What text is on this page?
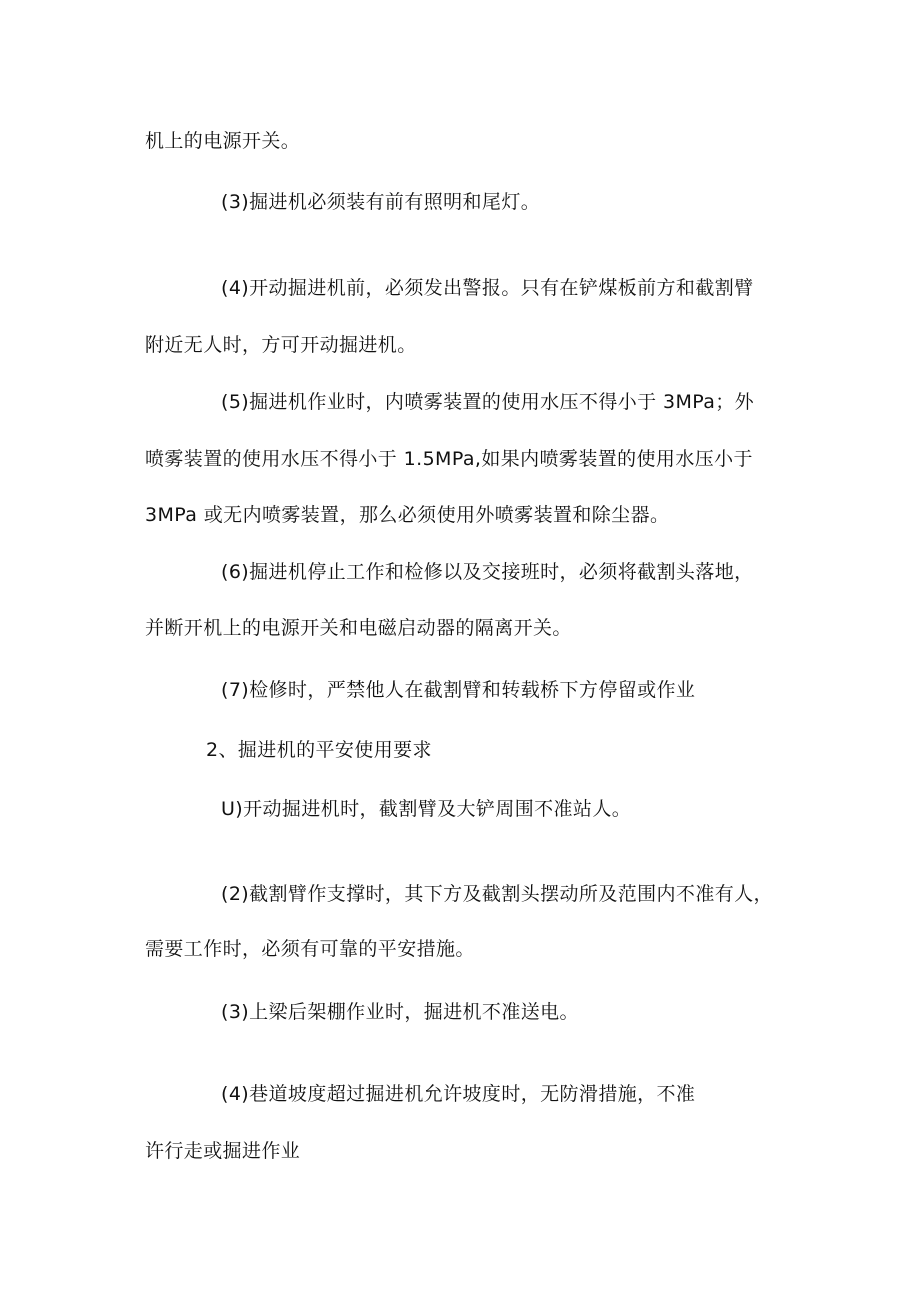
机上的电源开关。
(3)掘进机必须装有前有照明和尾灯。
(4)开动掘进机前，必须发出警报。只有在铲煤板前方和截割臂
附近无人时，方可开动掘进机。
(5)掘进机作业时，内喷雾装置的使用水压不得小于 3MPa；外
喷雾装置的使用水压不得小于 1.5MPa,如果内喷雾装置的使用水压小于
3MPa 或无内喷雾装置，那么必须使用外喷雾装置和除尘器。
(6)掘进机停止工作和检修以及交接班时，必须将截割头落地，
并断开机上的电源开关和电磁启动器的隔离开关。
(7)检修时，严禁他人在截割臂和转载桥下方停留或作业
2、掘进机的平安使用要求
U)开动掘进机时，截割臂及大铲周围不准站人。
(2)截割臂作支撑时，其下方及截割头摆动所及范围内不准有人，
需要工作时，必须有可靠的平安措施。
(3)上梁后架棚作业时，掘进机不准送电。
(4)巷道坡度超过掘进机允许坡度时，无防滑措施，不准
许行走或掘进作业
